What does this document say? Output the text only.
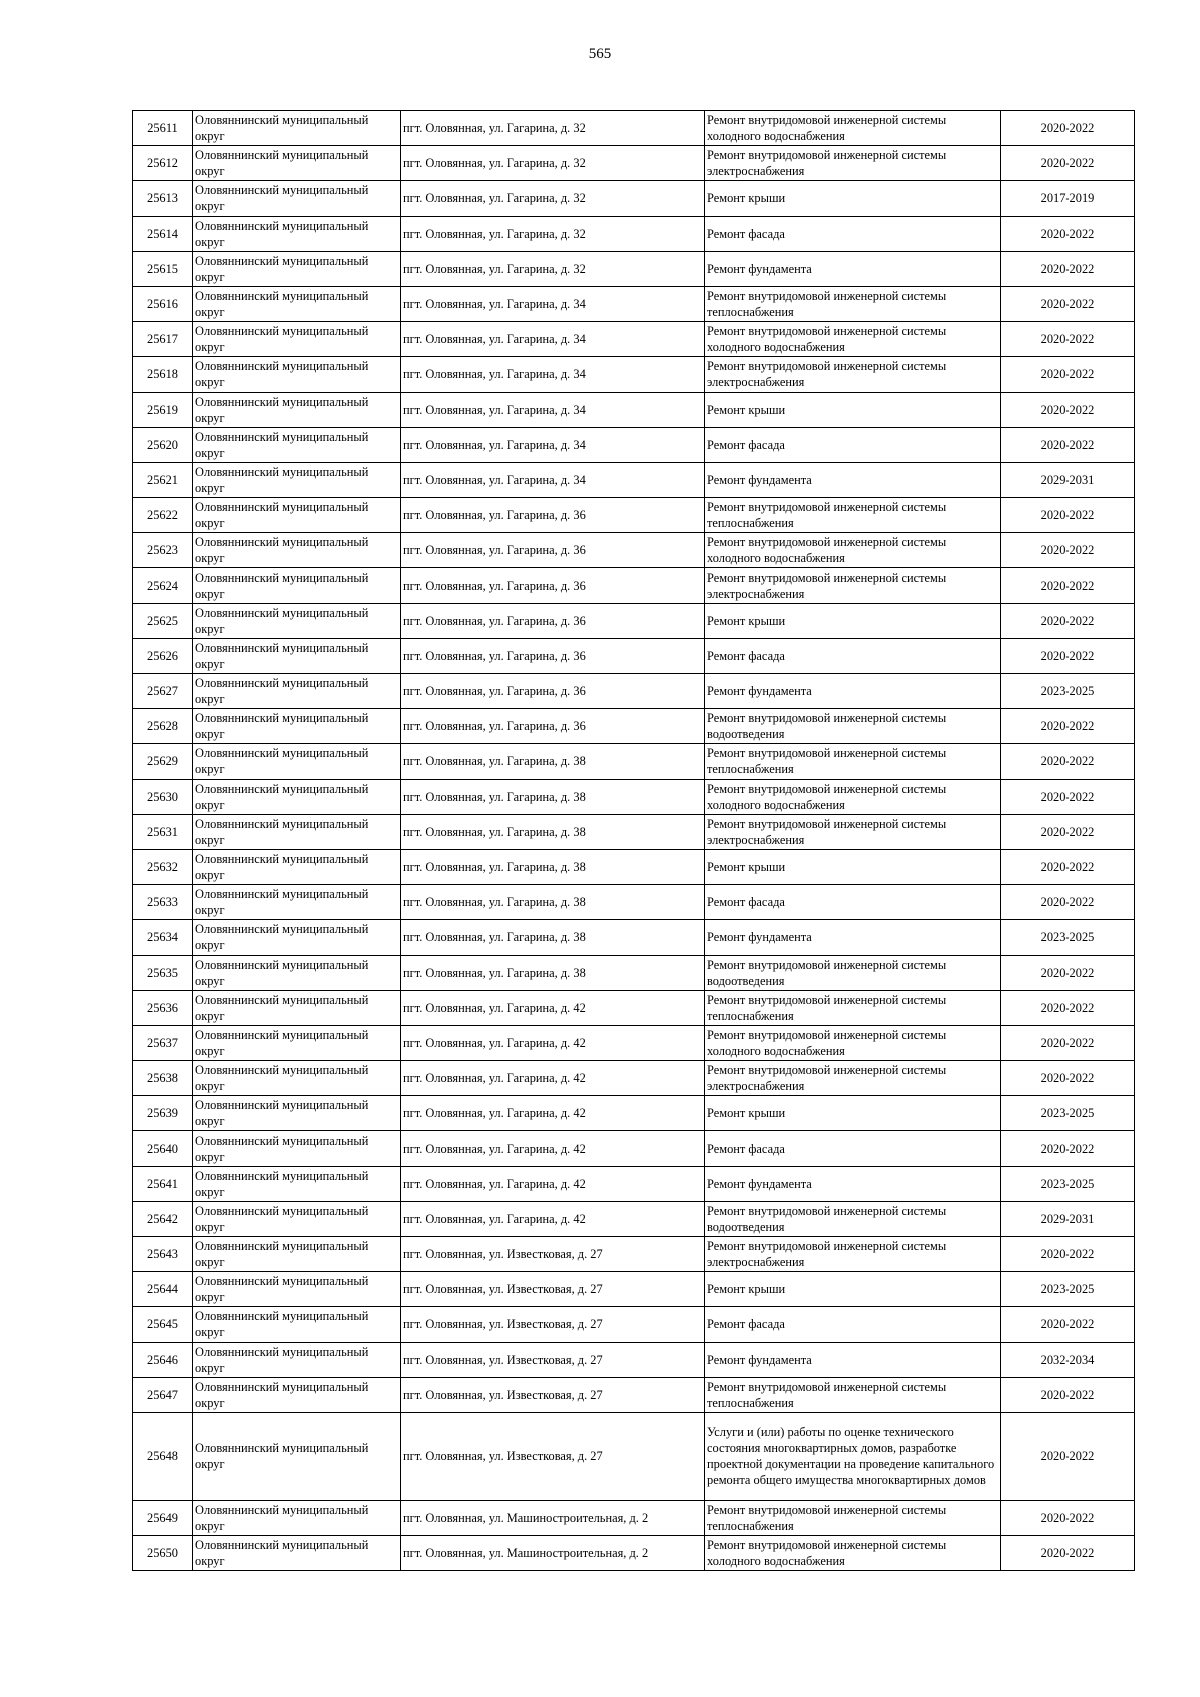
565
25611	Оловяннинский муниципальный округ	пгт. Оловянная, ул. Гагарина, д. 32	Ремонт внутридомовой инженерной системы холодного водоснабжения	2020-2022
25612	Оловяннинский муниципальный округ	пгт. Оловянная, ул. Гагарина, д. 32	Ремонт внутридомовой инженерной системы электроснабжения	2020-2022
25613	Оловяннинский муниципальный округ	пгт. Оловянная, ул. Гагарина, д. 32	Ремонт крыши	2017-2019
25614	Оловяннинский муниципальный округ	пгт. Оловянная, ул. Гагарина, д. 32	Ремонт фасада	2020-2022
25615	Оловяннинский муниципальный округ	пгт. Оловянная, ул. Гагарина, д. 32	Ремонт фундамента	2020-2022
25616	Оловяннинский муниципальный округ	пгт. Оловянная, ул. Гагарина, д. 34	Ремонт внутридомовой инженерной системы теплоснабжения	2020-2022
25617	Оловяннинский муниципальный округ	пгт. Оловянная, ул. Гагарина, д. 34	Ремонт внутридомовой инженерной системы холодного водоснабжения	2020-2022
25618	Оловяннинский муниципальный округ	пгт. Оловянная, ул. Гагарина, д. 34	Ремонт внутридомовой инженерной системы электроснабжения	2020-2022
25619	Оловяннинский муниципальный округ	пгт. Оловянная, ул. Гагарина, д. 34	Ремонт крыши	2020-2022
25620	Оловяннинский муниципальный округ	пгт. Оловянная, ул. Гагарина, д. 34	Ремонт фасада	2020-2022
25621	Оловяннинский муниципальный округ	пгт. Оловянная, ул. Гагарина, д. 34	Ремонт фундамента	2029-2031
25622	Оловяннинский муниципальный округ	пгт. Оловянная, ул. Гагарина, д. 36	Ремонт внутридомовой инженерной системы теплоснабжения	2020-2022
25623	Оловяннинский муниципальный округ	пгт. Оловянная, ул. Гагарина, д. 36	Ремонт внутридомовой инженерной системы холодного водоснабжения	2020-2022
25624	Оловяннинский муниципальный округ	пгт. Оловянная, ул. Гагарина, д. 36	Ремонт внутридомовой инженерной системы электроснабжения	2020-2022
25625	Оловяннинский муниципальный округ	пгт. Оловянная, ул. Гагарина, д. 36	Ремонт крыши	2020-2022
25626	Оловяннинский муниципальный округ	пгт. Оловянная, ул. Гагарина, д. 36	Ремонт фасада	2020-2022
25627	Оловяннинский муниципальный округ	пгт. Оловянная, ул. Гагарина, д. 36	Ремонт фундамента	2023-2025
25628	Оловяннинский муниципальный округ	пгт. Оловянная, ул. Гагарина, д. 36	Ремонт внутридомовой инженерной системы водоотведения	2020-2022
25629	Оловяннинский муниципальный округ	пгт. Оловянная, ул. Гагарина, д. 38	Ремонт внутридомовой инженерной системы теплоснабжения	2020-2022
25630	Оловяннинский муниципальный округ	пгт. Оловянная, ул. Гагарина, д. 38	Ремонт внутридомовой инженерной системы холодного водоснабжения	2020-2022
25631	Оловяннинский муниципальный округ	пгт. Оловянная, ул. Гагарина, д. 38	Ремонт внутридомовой инженерной системы электроснабжения	2020-2022
25632	Оловяннинский муниципальный округ	пгт. Оловянная, ул. Гагарина, д. 38	Ремонт крыши	2020-2022
25633	Оловяннинский муниципальный округ	пгт. Оловянная, ул. Гагарина, д. 38	Ремонт фасада	2020-2022
25634	Оловяннинский муниципальный округ	пгт. Оловянная, ул. Гагарина, д. 38	Ремонт фундамента	2023-2025
25635	Оловяннинский муниципальный округ	пгт. Оловянная, ул. Гагарина, д. 38	Ремонт внутридомовой инженерной системы водоотведения	2020-2022
25636	Оловяннинский муниципальный округ	пгт. Оловянная, ул. Гагарина, д. 42	Ремонт внутридомовой инженерной системы теплоснабжения	2020-2022
25637	Оловяннинский муниципальный округ	пгт. Оловянная, ул. Гагарина, д. 42	Ремонт внутридомовой инженерной системы холодного водоснабжения	2020-2022
25638	Оловяннинский муниципальный округ	пгт. Оловянная, ул. Гагарина, д. 42	Ремонт внутридомовой инженерной системы электроснабжения	2020-2022
25639	Оловяннинский муниципальный округ	пгт. Оловянная, ул. Гагарина, д. 42	Ремонт крыши	2023-2025
25640	Оловяннинский муниципальный округ	пгт. Оловянная, ул. Гагарина, д. 42	Ремонт фасада	2020-2022
25641	Оловяннинский муниципальный округ	пгт. Оловянная, ул. Гагарина, д. 42	Ремонт фундамента	2023-2025
25642	Оловяннинский муниципальный округ	пгт. Оловянная, ул. Гагарина, д. 42	Ремонт внутридомовой инженерной системы водоотведения	2029-2031
25643	Оловяннинский муниципальный округ	пгт. Оловянная, ул. Известковая, д. 27	Ремонт внутридомовой инженерной системы электроснабжения	2020-2022
25644	Оловяннинский муниципальный округ	пгт. Оловянная, ул. Известковая, д. 27	Ремонт крыши	2023-2025
25645	Оловяннинский муниципальный округ	пгт. Оловянная, ул. Известковая, д. 27	Ремонт фасада	2020-2022
25646	Оловяннинский муниципальный округ	пгт. Оловянная, ул. Известковая, д. 27	Ремонт фундамента	2032-2034
25647	Оловяннинский муниципальный округ	пгт. Оловянная, ул. Известковая, д. 27	Ремонт внутридомовой инженерной системы теплоснабжения	2020-2022
25648	Оловяннинский муниципальный округ	пгт. Оловянная, ул. Известковая, д. 27	Услуги и (или) работы по оценке технического состояния многоквартирных домов, разработке проектной документации на проведение капитального ремонта общего имущества многоквартирных домов	2020-2022
25649	Оловяннинский муниципальный округ	пгт. Оловянная, ул. Машиностроительная, д. 2	Ремонт внутридомовой инженерной системы теплоснабжения	2020-2022
25650	Оловяннинский муниципальный округ	пгт. Оловянная, ул. Машиностроительная, д. 2	Ремонт внутридомовой инженерной системы холодного водоснабжения	2020-2022
